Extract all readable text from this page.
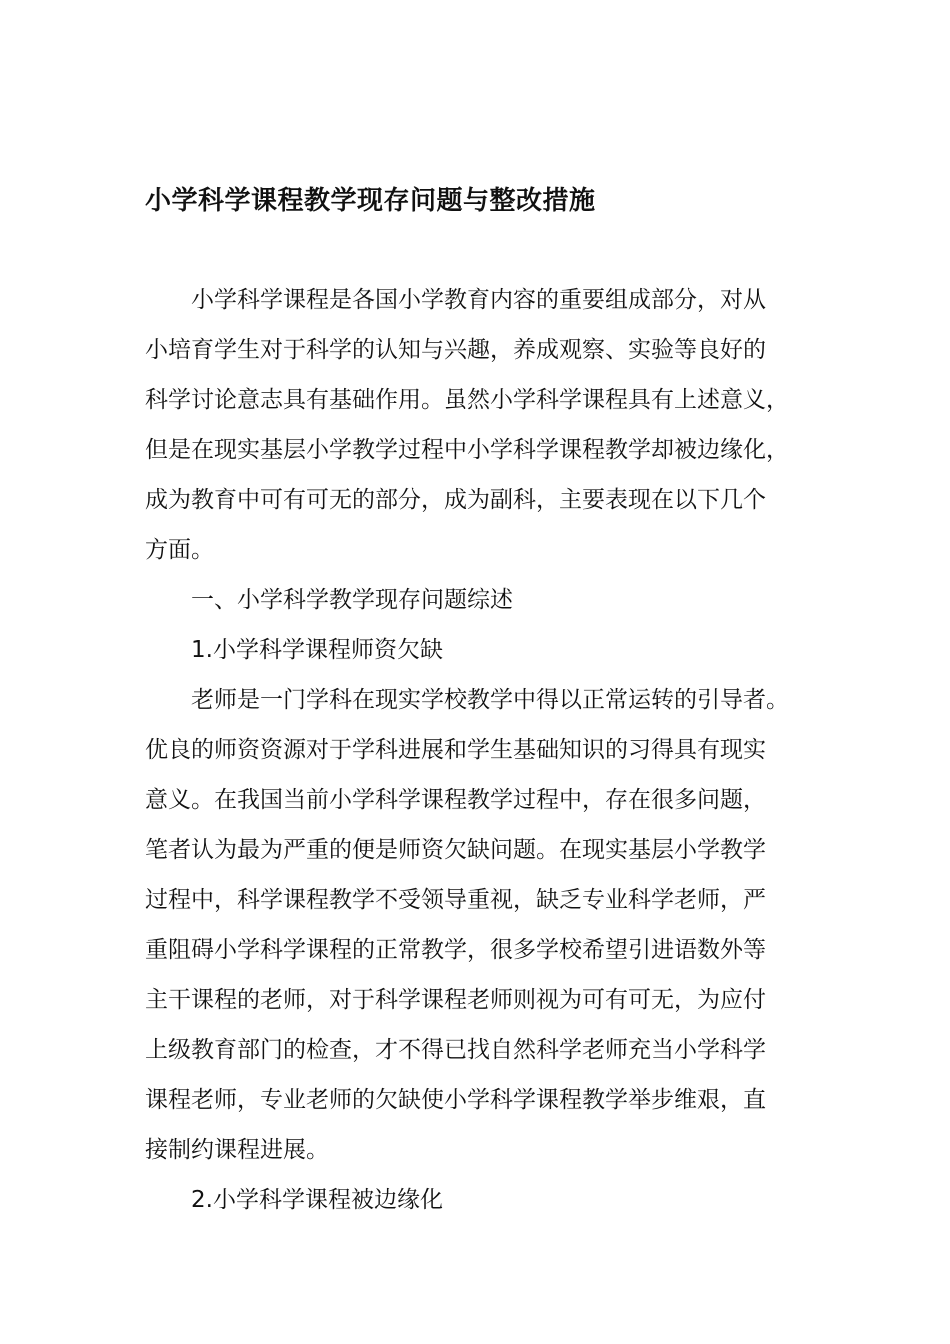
小学科学课程教学现存问题与整改措施
小学科学课程是各国小学教育内容的重要组成部分，对从
小培育学生对于科学的认知与兴趣，养成观察、实验等良好的
科学讨论意志具有基础作用。虽然小学科学课程具有上述意义，
但是在现实基层小学教学过程中小学科学课程教学却被边缘化，
成为教育中可有可无的部分，成为副科，主要表现在以下几个
方面。
一、小学科学教学现存问题综述
1.小学科学课程师资欠缺
老师是一门学科在现实学校教学中得以正常运转的引导者。
优良的师资资源对于学科进展和学生基础知识的习得具有现实
意义。在我国当前小学科学课程教学过程中，存在很多问题，
笔者认为最为严重的便是师资欠缺问题。在现实基层小学教学
过程中，科学课程教学不受领导重视，缺乏专业科学老师，严
重阻碍小学科学课程的正常教学，很多学校希望引进语数外等
主干课程的老师，对于科学课程老师则视为可有可无，为应付
上级教育部门的检查，才不得已找自然科学老师充当小学科学
课程老师，专业老师的欠缺使小学科学课程教学举步维艰，直
接制约课程进展。
2.小学科学课程被边缘化
